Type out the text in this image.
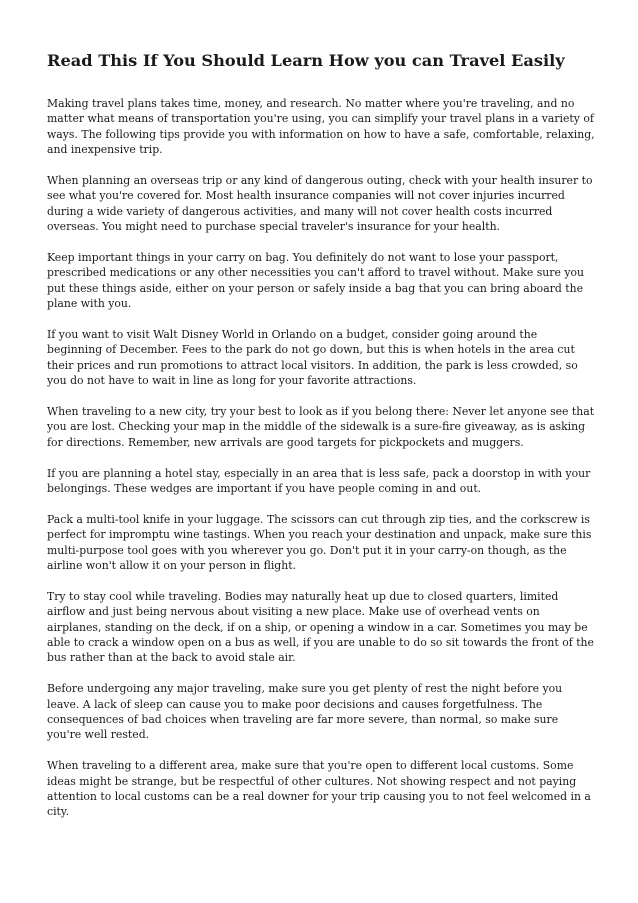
Read This If You Should Learn How you can Travel Easily

Making travel plans takes time, money, and research. No matter where you're traveling, and no matter what means of transportation you're using, you can simplify your travel plans in a variety of ways. The following tips provide you with information on how to have a safe, comfortable, relaxing, and inexpensive trip.

When planning an overseas trip or any kind of dangerous outing, check with your health insurer to see what you're covered for. Most health insurance companies will not cover injuries incurred during a wide variety of dangerous activities, and many will not cover health costs incurred overseas. You might need to purchase special traveler's insurance for your health.

Keep important things in your carry on bag. You definitely do not want to lose your passport, prescribed medications or any other necessities you can't afford to travel without. Make sure you put these things aside, either on your person or safely inside a bag that you can bring aboard the plane with you.

If you want to visit Walt Disney World in Orlando on a budget, consider going around the beginning of December. Fees to the park do not go down, but this is when hotels in the area cut their prices and run promotions to attract local visitors. In addition, the park is less crowded, so you do not have to wait in line as long for your favorite attractions.

When traveling to a new city, try your best to look as if you belong there: Never let anyone see that you are lost. Checking your map in the middle of the sidewalk is a sure-fire giveaway, as is asking for directions. Remember, new arrivals are good targets for pickpockets and muggers.

If you are planning a hotel stay, especially in an area that is less safe, pack a doorstop in with your belongings. These wedges are important if you have people coming in and out.

Pack a multi-tool knife in your luggage. The scissors can cut through zip ties, and the corkscrew is perfect for impromptu wine tastings. When you reach your destination and unpack, make sure this multi-purpose tool goes with you wherever you go. Don't put it in your carry-on though, as the airline won't allow it on your person in flight.

Try to stay cool while traveling. Bodies may naturally heat up due to closed quarters, limited airflow and just being nervous about visiting a new place. Make use of overhead vents on airplanes, standing on the deck, if on a ship, or opening a window in a car. Sometimes you may be able to crack a window open on a bus as well, if you are unable to do so sit towards the front of the bus rather than at the back to avoid stale air.

Before undergoing any major traveling, make sure you get plenty of rest the night before you leave. A lack of sleep can cause you to make poor decisions and causes forgetfulness. The consequences of bad choices when traveling are far more severe, than normal, so make sure you're well rested.

When traveling to a different area, make sure that you're open to different local customs. Some ideas might be strange, but be respectful of other cultures. Not showing respect and not paying attention to local customs can be a real downer for your trip causing you to not feel welcomed in a city.
